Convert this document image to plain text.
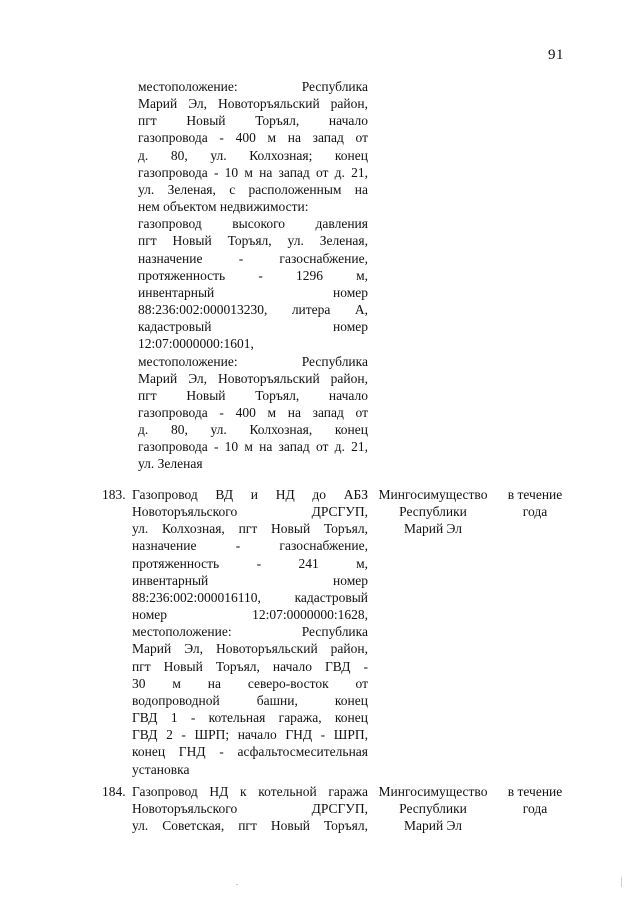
91
местоположение: Республика
Марий Эл, Новоторъяльский район,
пгт Новый Торъял, начало
газопровода - 400 м на запад от
д. 80, ул. Колхозная; конец
газопровода - 10 м на запад от д. 21,
ул. Зеленая, с расположенным на
нем объектом недвижимости:
газопровод высокого давления
пгт Новый Торъял, ул. Зеленая,
назначение - газоснабжение,
протяженность - 1296 м,
инвентарный номер
88:236:002:000013230, литера А,
кадастровый номер
12:07:0000000:1601,
местоположение: Республика
Марий Эл, Новоторъяльский район,
пгт Новый Торъял, начало
газопровода - 400 м на запад от
д. 80, ул. Колхозная, конец
газопровода - 10 м на запад от д. 21,
ул. Зеленая
183. Газопровод ВД и НД до АБЗ
Новоторъяльского ДРСГУП,
ул. Колхозная, пгт Новый Торъял,
назначение - газоснабжение,
протяженность - 241 м,
инвентарный номер
88:236:002:000016110, кадастровый
номер 12:07:0000000:1628,
местоположение: Республика
Марий Эл, Новоторъяльский район,
пгт Новый Торъял, начало ГВД -
30 м на северо-восток от
водопроводной башни, конец
ГВД 1 - котельная гаража, конец
ГВД 2 - ШРП; начало ГНД - ШРП,
конец ГНД - асфальтосмесительная
установка
Мингосимущество
Республики
Марий Эл
в течение
года
184. Газопровод НД к котельной гаража
Новоторъяльского ДРСГУП,
ул. Советская, пгт Новый Торъял,
Мингосимущество
Республики
Марий Эл
в течение
года
